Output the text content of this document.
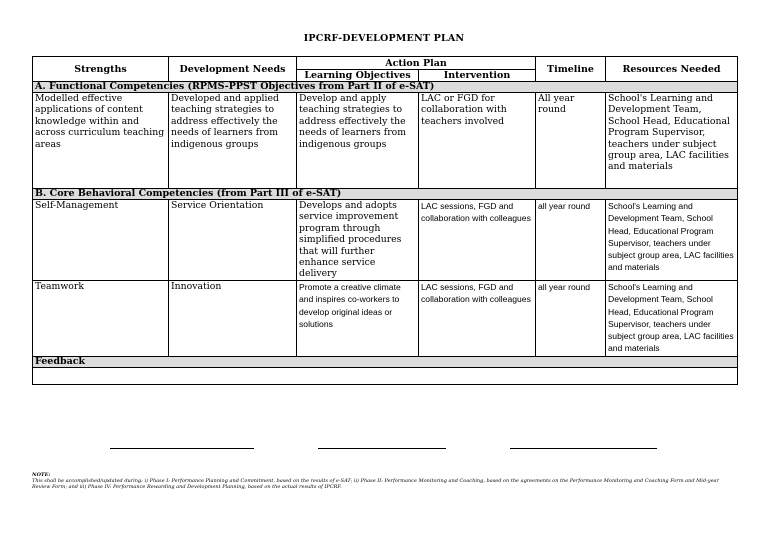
IPCRF-DEVELOPMENT PLAN
Strengths	Development Needs	Action Plan		Timeline	Resources Needed
		Learning Objectives	Intervention		
A. Functional Competencies (RPMS-PPST Objectives from Part II of e-SAT)					
Modelled effective applications of content knowledge within and across curriculum teaching areas	Developed and applied teaching strategies to address effectively the needs of learners from indigenous groups	Develop and apply teaching strategies to address effectively the needs of learners from indigenous groups	LAC or FGD for collaboration with teachers involved	All year round	School's Learning and Development Team, School Head, Educational Program Supervisor, teachers under subject group area, LAC facilities and materials
B. Core Behavioral Competencies (from Part III of e-SAT)					
Self-Management	Service Orientation	Develops and adopts service improvement program through simplified procedures that will further enhance service delivery	LAC sessions, FGD and collaboration with colleagues	all year round	School's Learning and Development Team, School Head, Educational Program Supervisor, teachers under subject group area, LAC facilities and materials
Teamwork	Innovation	Promote a creative climate and inspires co-workers to develop original ideas or solutions	LAC sessions, FGD and collaboration with colleagues	all year round	School's Learning and Development Team, School Head, Educational Program Supervisor, teachers under subject group area, LAC facilities and materials
Feedback					

NOTE:
This shall be accomplished/updated during: i) Phase I: Performance Planning and Commitment, based on the results of e-SAT; ii) Phase II: Performance Monitoring and Coaching, based on the agreements on the Performance Monitoring and Coaching Form and Mid-year Review Form; and iii) Phase IV: Performance Rewarding and Development Planning, based on the actual results of IPCRF.
